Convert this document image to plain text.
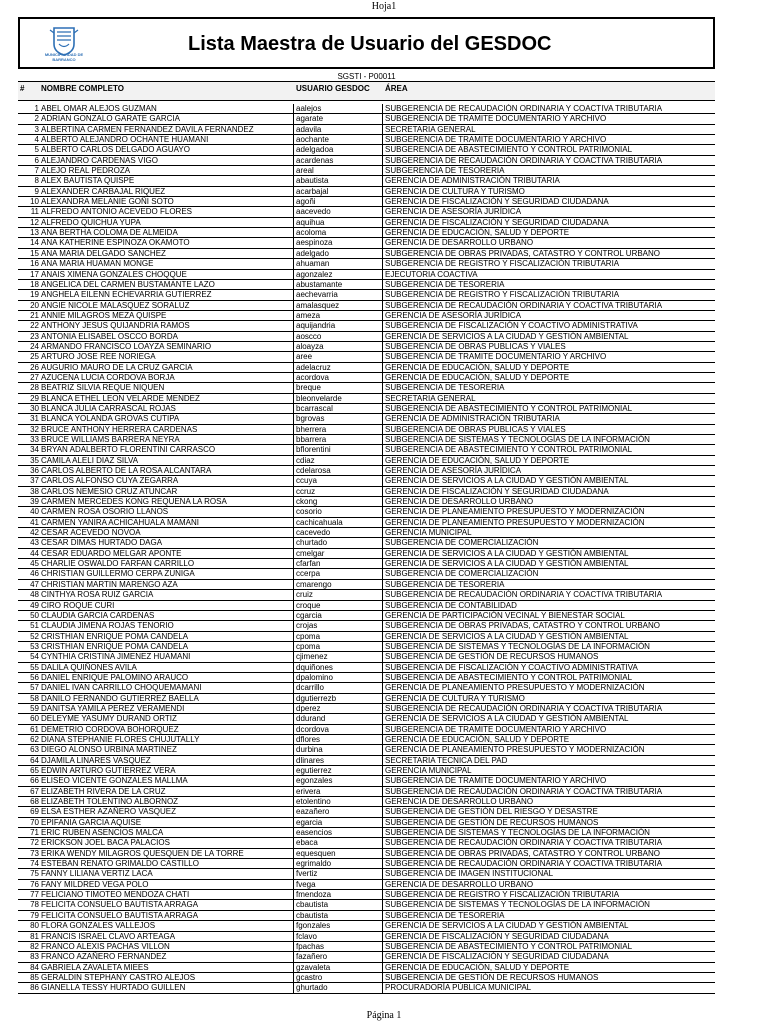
Hoja1
MUNICIPALIDAD DE BARRANCO
Lista Maestra de Usuario del GESDOC
SGSTI - P00011
# NOMBRE COMPLETO	USUARIO GESDOC ÁREA
1 ABEL OMAR ALEJOS GUZMAN	aalejos	SUBGERENCIA DE RECAUDACIÓN ORDINARIA Y COACTIVA TRIBUTARIA
2 ADRIAN GONZALO GARATE GARCIA	agarate	SUBGERENCIA DE TRAMITE DOCUMENTARIO Y ARCHIVO
3 ALBERTINA CARMEN FERNANDEZ DAVILA FERNANDEZ	adavila	SECRETARIA GENERAL
4 ALBERTO ALEJANDRO OCHANTE HUAMANI	aochante	SUBGERENCIA DE TRAMITE DOCUMENTARIO Y ARCHIVO
5 ALBERTO CARLOS DELGADO AGUAYO	adelgadoa	SUBGERENCIA DE ABASTECIMIENTO Y CONTROL PATRIMONIAL
6 ALEJANDRO CARDENAS VIGO	acardenas	SUBGERENCIA DE RECAUDACIÓN ORDINARIA Y COACTIVA TRIBUTARIA
7 ALEJO REAL PEDROZA	areal	SUBGERENCIA DE TESORERIA
8 ALEX BAUTISTA QUISPE	abautista	GERENCIA DE ADMINISTRACIÓN TRIBUTARIA
9 ALEXANDER CARBAJAL RIQUEZ	acarbajal	GERENCIA DE CULTURA Y TURISMO
10 ALEXANDRA MELANIE GOÑI SOTO	agoñi	GERENCIA DE FISCALIZACIÓN Y SEGURIDAD CIUDADANA
11 ALFREDO ANTONIO ACEVEDO FLORES	aacevedo	GERENCIA DE ASESORÍA JURÍDICA
12 ALFREDO QUICHUA YUPA	aquihua	GERENCIA DE FISCALIZACIÓN Y SEGURIDAD CIUDADANA
13 ANA BERTHA COLOMA DE ALMEIDA	acoloma	GERENCIA DE EDUCACIÓN, SALUD Y DEPORTE
14 ANA KATHERINE ESPINOZA OKAMOTO	aespinoza	GERENCIA DE DESARROLLO URBANO
15 ANA MARIA DELGADO SANCHEZ	adelgado	SUBGERENCIA DE OBRAS PRIVADAS, CATASTRO Y CONTROL URBANO
16 ANA MARIA HUAMAN MONGE	ahuaman	SUBGERENCIA DE REGISTRO Y FISCALIZACIÓN TRIBUTARIA
17 ANAIS XIMENA GONZALES CHOQQUE	agonzalez	EJECUTORIA COACTIVA
18 ANGELICA DEL CARMEN BUSTAMANTE LAZO	abustamante	SUBGERENCIA DE TESORERIA
19 ANGHELA EILENN ECHEVARRIA GUTIERREZ	aechevarria	SUBGERENCIA DE REGISTRO Y FISCALIZACIÓN TRIBUTARIA
20 ANGIE NICOLE MALASQUEZ SORALUZ	amalasquez	SUBGERENCIA DE RECAUDACIÓN ORDINARIA Y COACTIVA TRIBUTARIA
21 ANNIE MILAGROS MEZA QUISPE	ameza	GERENCIA DE ASESORÍA JURÍDICA
22 ANTHONY JESUS QUIJANDRIA RAMOS	aquijandria	SUBGERENCIA DE FISCALIZACIÓN Y COACTIVO ADMINISTRATIVA
23 ANTONIA ELISABEL OSCCO BORDA	aoscco	GERENCIA DE SERVICIOS A LA CIUDAD Y GESTIÓN AMBIENTAL
24 ARMANDO FRANCISCO LOAYZA SEMINARIO	aloayza	SUBGERENCIA DE OBRAS PUBLICAS Y VIALES
25 ARTURO JOSE REE NORIEGA	aree	SUBGERENCIA DE TRAMITE DOCUMENTARIO Y ARCHIVO
26 AUGURIO MAURO DE LA CRUZ GARCIA	adelacruz	GERENCIA DE EDUCACIÓN, SALUD Y DEPORTE
27 AZUCENA LUCIA CORDOVA BORJA	acordova	GERENCIA DE EDUCACIÓN, SALUD Y DEPORTE
28 BEATRIZ SILVIA REQUE NIQUEN	breque	SUBGERENCIA DE TESORERIA
29 BLANCA ETHEL LEON VELARDE MENDEZ	bleonvelarde	SECRETARIA GENERAL
30 BLANCA JULIA CARRASCAL ROJAS	bcarrascal	SUBGERENCIA DE ABASTECIMIENTO Y CONTROL PATRIMONIAL
31 BLANCA YOLANDA GROVAS CUTIPA	bgrovas	GERENCIA DE ADMINISTRACIÓN TRIBUTARIA
32 BRUCE ANTHONY HERRERA CARDENAS	bherrera	SUBGERENCIA DE OBRAS PUBLICAS Y VIALES
33 BRUCE WILLIAMS BARRERA NEYRA	bbarrera	SUBGERENCIA DE SISTEMAS Y TECNOLOGÍAS DE LA INFORMACIÓN
34 BRYAN ADALBERTO FLORENTINI CARRASCO	bflorentini	SUBGERENCIA DE ABASTECIMIENTO Y CONTROL PATRIMONIAL
35 CAMILA ALELI DIAZ SILVA	cdiaz	GERENCIA DE EDUCACIÓN, SALUD Y DEPORTE
36 CARLOS ALBERTO DE LA ROSA ALCANTARA	cdelarosa	GERENCIA DE ASESORÍA JURÍDICA
37 CARLOS ALFONSO CUYA ZEGARRA	ccuya	GERENCIA DE SERVICIOS A LA CIUDAD Y GESTIÓN AMBIENTAL
38 CARLOS NEMESIO CRUZ ATUNCAR	ccruz	GERENCIA DE FISCALIZACIÓN Y SEGURIDAD CIUDADANA
39 CARMEN MERCEDES KONG REQUENA LA ROSA	ckong	GERENCIA DE DESARROLLO URBANO
40 CARMEN ROSA OSORIO LLANOS	cosorio	GERENCIA DE PLANEAMIENTO PRESUPUESTO Y MODERNIZACIÓN
41 CARMEN YANIRA ACHICAHUALA MAMANI	cachicahuala	GERENCIA DE PLANEAMIENTO PRESUPUESTO Y MODERNIZACIÓN
42 CESAR ACEVEDO NOVOA	cacevedo	GERENCIA MUNICIPAL
43 CESAR DIMAS HURTADO DAGA	churtado	SUBGERENCIA DE COMERCIALIZACIÓN
44 CESAR EDUARDO MELGAR APONTE	cmelgar	GERENCIA DE SERVICIOS A LA CIUDAD Y GESTIÓN AMBIENTAL
45 CHARLIE OSWALDO FARFAN CARRILLO	cfarfan	GERENCIA DE SERVICIOS A LA CIUDAD Y GESTIÓN AMBIENTAL
46 CHRISTIAN GUILLERMO CERPA ZUNIGA	ccerpa	SUBGERENCIA DE COMERCIALIZACIÓN
47 CHRISTIAN MARTIN MARENGO AZA	cmarengo	SUBGERENCIA DE TESORERIA
48 CINTHYA ROSA RUIZ GARCIA	cruiz	SUBGERENCIA DE RECAUDACIÓN ORDINARIA Y COACTIVA TRIBUTARIA
49 CIRO ROQUE CURI	croque	SUBGERENCIA DE CONTABILIDAD
50 CLAUDIA GARCIA CARDENAS	cgarcia	GERENCIA DE PARTICIPACIÓN VECINAL Y BIENESTAR SOCIAL
51 CLAUDIA JIMENA ROJAS TENORIO	crojas	SUBGERENCIA DE OBRAS PRIVADAS, CATASTRO Y CONTROL URBANO
52 CRISTHIAN ENRIQUE POMA CANDELA	cpoma	GERENCIA DE SERVICIOS A LA CIUDAD Y GESTIÓN AMBIENTAL
53 CRISTHIAN ENRIQUE POMA CANDELA	cpoma	SUBGERENCIA DE SISTEMAS Y TECNOLOGÍAS DE LA INFORMACIÓN
54 CYNTHIA CRISTINA JIMENEZ HUAMANI	cjimenez	SUBGERENCIA DE GESTIÓN DE RECURSOS HUMANOS
55 DALILA QUIÑONES AVILA	dquiñones	SUBGERENCIA DE FISCALIZACIÓN Y COACTIVO ADMINISTRATIVA
56 DANIEL ENRIQUE PALOMINO ARAUCO	dpalomino	SUBGERENCIA DE ABASTECIMIENTO Y CONTROL PATRIMONIAL
57 DANIEL IVAN CARRILLO CHOQUEMAMANI	dcarrillo	GERENCIA DE PLANEAMIENTO PRESUPUESTO Y MODERNIZACIÓN
58 DANILO FERNANDO GUTIERREZ BAELLA	dgutierrezb	GERENCIA DE CULTURA Y TURISMO
59 DANITSA YAMILA PEREZ VERAMENDI	dperez	SUBGERENCIA DE RECAUDACIÓN ORDINARIA Y COACTIVA TRIBUTARIA
60 DELEYME YASUMY DURAND ORTIZ	ddurand	GERENCIA DE SERVICIOS A LA CIUDAD Y GESTIÓN AMBIENTAL
61 DEMETRIO CORDOVA BOHORQUEZ	dcordova	SUBGERENCIA DE TRAMITE DOCUMENTARIO Y ARCHIVO
62 DIANA STEPHANIE FLORES CHUJUTALLY	dflores	GERENCIA DE EDUCACIÓN, SALUD Y DEPORTE
63 DIEGO ALONSO URBINA MARTINEZ	durbina	GERENCIA DE PLANEAMIENTO PRESUPUESTO Y MODERNIZACIÓN
64 DJAMILA LINARES VASQUEZ	dlinares	SECRETARIA TECNICA DEL PAD
65 EDWIN ARTURO GUTIERREZ VERA	egutierrez	GERENCIA MUNICIPAL
66 ELISEO VICENTE GONZALES MALLMA	egonzales	SUBGERENCIA DE TRAMITE DOCUMENTARIO Y ARCHIVO
67 ELIZABETH RIVERA DE LA CRUZ	erivera	SUBGERENCIA DE RECAUDACIÓN ORDINARIA Y COACTIVA TRIBUTARIA
68 ELIZABETH TOLENTINO ALBORNOZ	etolentino	GERENCIA DE DESARROLLO URBANO
69 ELSA ESTHER AZAÑERO VASQUEZ	eazañero	SUBGERENCIA DE GESTIÓN DEL RIESGO Y DESASTRE
70 EPIFANIA GARCIA AQUISE	egarcia	SUBGERENCIA DE GESTIÓN DE RECURSOS HUMANOS
71 ERIC RUBEN ASENCIOS MALCA	easencios	SUBGERENCIA DE SISTEMAS Y TECNOLOGÍAS DE LA INFORMACIÓN
72 ERICKSON JOEL BACA PALACIOS	ebaca	SUBGERENCIA DE RECAUDACIÓN ORDINARIA Y COACTIVA TRIBUTARIA
73 ERIKA WENDY MILAGROS QUESQUEN DE LA TORRE	equesquen	SUBGERENCIA DE OBRAS PRIVADAS, CATASTRO Y CONTROL URBANO
74 ESTEBAN RENATO GRIMALDO CASTILLO	egrimaldo	SUBGERENCIA DE RECAUDACIÓN ORDINARIA Y COACTIVA TRIBUTARIA
75 FANNY LILIANA VERTIZ LACA	fvertiz	SUBGERENCIA DE IMAGEN INSTITUCIONAL
76 FANY MILDRED VEGA POLO	fvega	GERENCIA DE DESARROLLO URBANO
77 FELICIANO TIMOTEO MENDOZA CHATI	fmendoza	SUBGERENCIA DE REGISTRO Y FISCALIZACIÓN TRIBUTARIA
78 FELICITA CONSUELO BAUTISTA ARRAGA	cbautista	SUBGERENCIA DE SISTEMAS Y TECNOLOGÍAS DE LA INFORMACIÓN
79 FELICITA CONSUELO BAUTISTA ARRAGA	cbautista	SUBGERENCIA DE TESORERIA
80 FLORA GONZALES VALLEJOS	fgonzales	GERENCIA DE SERVICIOS A LA CIUDAD Y GESTIÓN AMBIENTAL
81 FRANCIS ISRAEL CLAVO ARTEAGA	fclavo	GERENCIA DE FISCALIZACIÓN Y SEGURIDAD CIUDADANA
82 FRANCO ALEXIS PACHAS VILLON	fpachas	SUBGERENCIA DE ABASTECIMIENTO Y CONTROL PATRIMONIAL
83 FRANCO AZAÑERO FERNANDEZ	fazañero	GERENCIA DE FISCALIZACIÓN Y SEGURIDAD CIUDADANA
84 GABRIELA ZAVALETA MIEES	gzavaleta	GERENCIA DE EDUCACIÓN, SALUD Y DEPORTE
85 GERALDIN STEPHANY CASTRO ALEJOS	gcastro	SUBGERENCIA DE GESTIÓN DE RECURSOS HUMANOS
86 GIANELLA TESSY HURTADO GUILLEN	ghurtado	PROCURADORÍA PÚBLICA MUNICIPAL
Página 1
